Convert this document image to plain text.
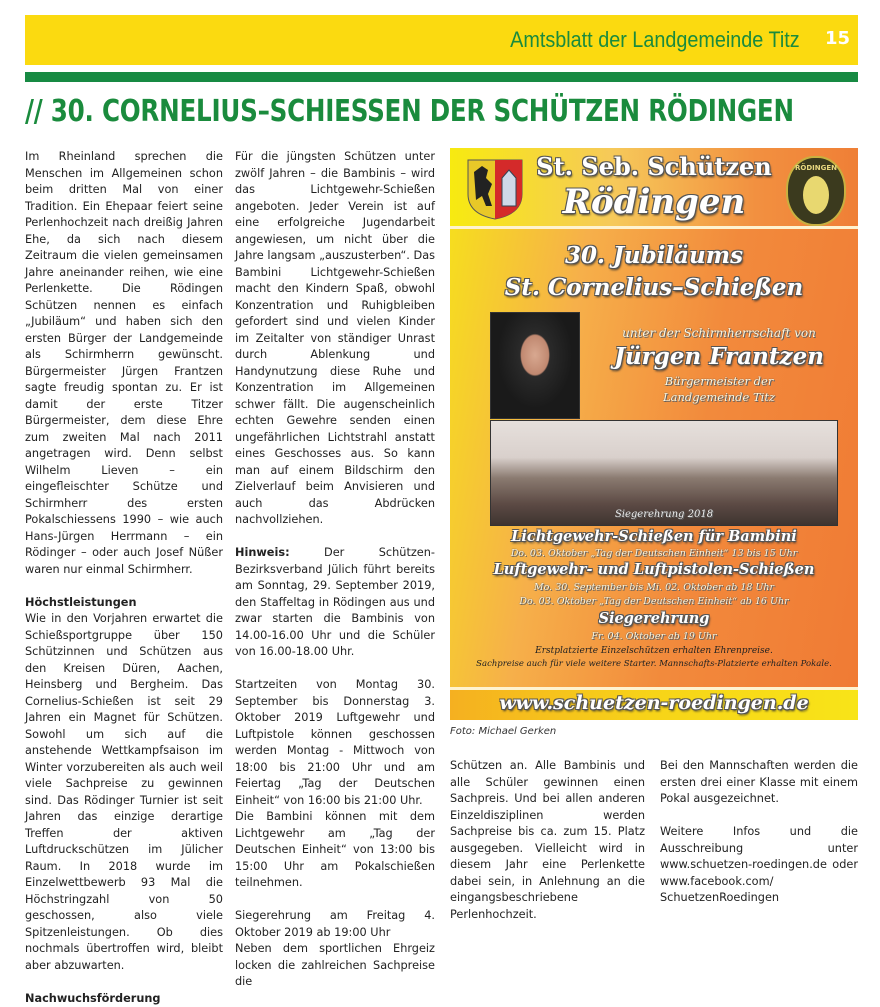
Amtsblatt der Landgemeinde Titz 15
// 30. CORNELIUS–SCHIESSEN DER SCHÜTZEN RÖDINGEN

Im Rheinland sprechen die Menschen im Allgemeinen schon beim dritten Mal von einer Tradition. Ein Ehepaar feiert seine Perlenhochzeit nach dreißig Jahren Ehe, da sich nach diesem Zeitraum die vielen gemeinsamen Jahre aneinander reihen, wie eine Perlenkette. Die Rödingen Schützen nennen es einfach „Jubiläum“ und haben sich den ersten Bürger der Landgemeinde als Schirmherrn gewünscht. Bürgermeister Jürgen Frantzen sagte freudig spontan zu. Er ist damit der erste Titzer Bürgermeister, dem diese Ehre zum zweiten Mal nach 2011 angetragen wird. Denn selbst Wilhelm Lieven – ein eingefleischter Schütze und Schirmherr des ersten Pokalschiessens 1990 – wie auch Hans-Jürgen Herrmann – ein Rödinger – oder auch Josef Nüßer waren nur einmal Schirmherr.

Höchstleistungen

Wie in den Vorjahren erwartet die Schießsportgruppe über 150 Schützinnen und Schützen aus den Kreisen Düren, Aachen, Heinsberg und Bergheim. Das Cornelius-Schießen ist seit 29 Jahren ein Magnet für Schützen. Sowohl um sich auf die anstehende Wettkampfsaison im Winter vorzubereiten als auch weil viele Sachpreise zu gewinnen sind. Das Rödinger Turnier ist seit Jahren das einzige derartige Treffen der aktiven Luftdruckschützen im Jülicher Raum. In 2018 wurde im Einzelwettbewerb 93 Mal die Höchstringzahl von 50 geschossen, also viele Spitzenleistungen. Ob dies nochmals übertroffen wird, bleibt aber abzuwarten.

Nachwuchsförderung

Für die jüngsten Schützen unter zwölf Jahren – die Bambinis – wird das Lichtgewehr-Schießen angeboten. Jeder Verein ist auf eine erfolgreiche Jugendarbeit angewiesen, um nicht über die Jahre langsam „auszusterben“. Das Bambini Lichtgewehr-Schießen macht den Kindern Spaß, obwohl Konzentration und Ruhigbleiben gefordert sind und vielen Kinder im Zeitalter von ständiger Unrast durch Ablenkung und Handynutzung diese Ruhe und Konzentration im Allgemeinen schwer fällt. Die augenscheinlich echten Gewehre senden einen ungefährlichen Lichtstrahl anstatt eines Geschosses aus. So kann man auf einem Bildschirm den Zielverlauf beim Anvisieren und auch das Abdrücken nachvollziehen.

Hinweis: Der Schützen-Bezirksverband Jülich führt bereits am Sonntag, 29. September 2019, den Staffeltag in Rödingen aus und zwar starten die Bambinis von 14.00-16.00 Uhr und die Schüler von 16.00-18.00 Uhr.

Startzeiten von Montag 30. September bis Donnerstag 3. Oktober 2019 Luftgewehr und Luftpistole können geschossen werden Montag - Mittwoch von 18:00 bis 21:00 Uhr und am Feiertag „Tag der Deutschen Einheit“ von 16:00 bis 21:00 Uhr.

Die Bambini können mit dem Lichtgewehr am „Tag der Deutschen Einheit“ von 13:00 bis 15:00 Uhr am Pokalschießen teilnehmen.

Siegerehrung am Freitag 4. Oktober 2019 ab 19:00 Uhr

Neben dem sportlichen Ehrgeiz locken die zahlreichen Sachpreise die

St. Seb. Schützen
Rödingen
RÖDINGEN
30. Jubiläums
St. Cornelius–Schießen
unter der Schirmherrschaft von
Jürgen Frantzen
Bürgermeister der
Landgemeinde Titz
Siegerehrung 2018
Lichtgewehr-Schießen für Bambini
Do. 03. Oktober „Tag der Deutschen Einheit“ 13 bis 15 Uhr
Luftgewehr- und Luftpistolen-Schießen
Mo. 30. September bis Mi. 02. Oktober ab 18 Uhr
Do. 03. Oktober „Tag der Deutschen Einheit“ ab 16 Uhr
Siegerehrung
Fr. 04. Oktober ab 19 Uhr
Erstplatzierte Einzelschützen erhalten Ehrenpreise.
Sachpreise auch für viele weitere Starter. Mannschafts-Platzierte erhalten Pokale.
www.schuetzen-roedingen.de
Foto: Michael Gerken

Schützen an. Alle Bambinis und alle Schüler gewinnen einen Sachpreis. Und bei allen anderen Einzeldisziplinen werden Sachpreise bis ca. zum 15. Platz ausgegeben. Vielleicht wird in diesem Jahr eine Perlenkette dabei sein, in Anlehnung an die eingangsbeschriebene Perlenhochzeit.

Bei den Mannschaften werden die ersten drei einer Klasse mit einem Pokal ausgezeichnet.

Weitere Infos und die Ausschreibung unter www.schuetzen-roedingen.de oder www.facebook.com/ SchuetzenRoedingen
